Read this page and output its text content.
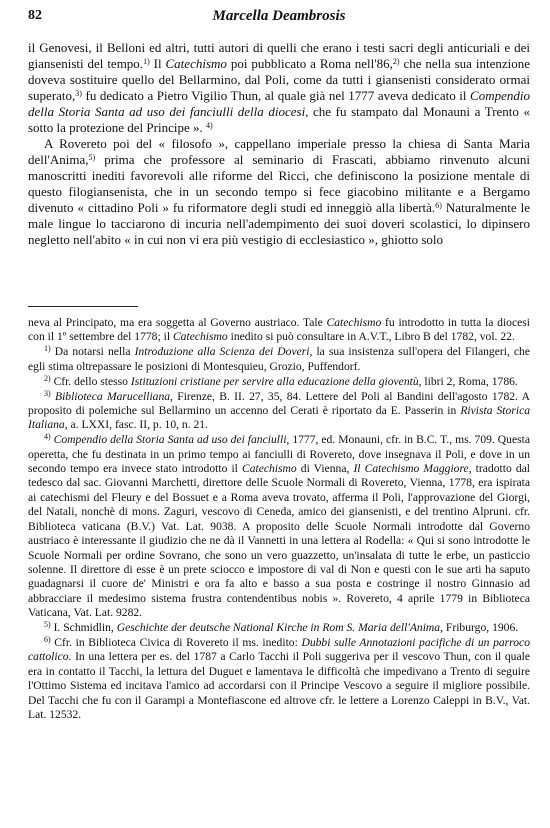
82	Marcella Deambrosis

il Genovesi, il Belloni ed altri, tutti autori di quelli che erano i testi sacri degli anticuriali e dei giansenisti del tempo.$^{1)}$ Il Catechismo poi pubblicato a Roma nell'86,$^{2)}$ che nella sua intenzione doveva sostituire quello del Bellarmino, dal Poli, come da tutti i giansenisti considerato ormai superato,$^{3)}$ fu dedicato a Pietro Vigilio Thun, al quale già nel 1777 aveva dedicato il Compendio della Storia Santa ad uso dei fanciulli della diocesi, che fu stampato dal Monauni a Trento « sotto la protezione del Principe ». $^{4)}$

A Rovereto poi del « filosofo », cappellano imperiale presso la chiesa di Santa Maria dell'Anima,$^{5)}$ prima che professore al seminario di Frascati, abbiamo rinvenuto alcuni manoscritti inediti favorevoli alle riforme del Ricci, che definiscono la posizione mentale di questo filogiansenista, che in un secondo tempo si fece giacobino militante e a Bergamo divenuto « cittadino Poli » fu riformatore degli studi ed inneggiò alla libertà.$^{6)}$ Naturalmente le male lingue lo tacciarono di incuria nell'adempimento dei suoi doveri scolastici, lo dipinsero negletto nell'abito « in cui non vi era più vestigio di ecclesiastico », ghiotto solo

neva al Principato, ma era soggetta al Governo austriaco. Tale Catechismo fu introdotto in tutta la diocesi con il 1º settembre del 1778; il Catechismo inedito si può consultare in A.V.T., Libro B del 1782, vol. 22.

$^{1)}$ Da notarsi nella Introduzione alla Scienza dei Doveri, la sua insistenza sull'opera del Filangeri, che egli stima oltrepassare le posizioni di Montesquieu, Grozio, Puffendorf.

$^{2)}$ Cfr. dello stesso Istituzioni cristiane per servire alla educazione della gioventù, libri 2, Roma, 1786.

$^{3)}$ Biblioteca Marucelliana, Firenze, B. II. 27, 35, 84. Lettere del Poli al Bandini dell'agosto 1782. A proposito di polemiche sul Bellarmino un accenno del Cerati è riportato da E. Passerin in Rivista Storica Italiana, a. LXXI, fasc. II, p. 10, n. 21.

$^{4)}$ Compendio della Storia Santa ad uso dei fanciulli, 1777, ed. Monauni, cfr. in B.C. T., ms. 709. Questa operetta, che fu destinata in un primo tempo ai fanciulli di Rovereto, dove insegnava il Poli, e dove in un secondo tempo era invece stato introdotto il Catechismo di Vienna, Il Catechismo Maggiore, tradotto dal tedesco dal sac. Giovanni Marchetti, direttore delle Scuole Normali di Rovereto, Vienna, 1778, era ispirata ai catechismi del Fleury e del Bossuet e a Roma aveva trovato, afferma il Poli, l'approvazione del Giorgi, del Natali, nonchè di mons. Zaguri, vescovo di Ceneda, amico dei giansenisti, e del trentino Alpruni. cfr. Biblioteca vaticana (B.V.) Vat. Lat. 9038. A proposito delle Scuole Normali introdotte dal Governo austriaco è interessante il giudizio che ne dà il Vannetti in una lettera al Rodella: « Qui si sono introdotte le Scuole Normali per ordine Sovrano, che sono un vero guazzetto, un'insalata di tutte le erbe, un pasticcio solenne. Il direttore di esse è un prete sciocco e impostore di val di Non e questi con le sue arti ha saputo guadagnarsi il cuore de' Ministri e ora fa alto e basso a sua posta e costringe il nostro Ginnasio ad abbracciare il medesimo sistema frustra contendentibus nobis ». Rovereto, 4 aprile 1779 in Biblioteca Vaticana, Vat. Lat. 9282.

$^{5)}$ I. Schmidlin, Geschichte der deutsche National Kirche in Rom S. Maria dell'Anima, Friburgo, 1906.

$^{6)}$ Cfr. in Biblioteca Civica di Rovereto il ms. inedito: Dubbi sulle Annotazioni pacifiche di un parroco cattolico. In una lettera per es. del 1787 a Carlo Tacchi il Poli suggeriva per il vescovo Thun, con il quale era in contatto il Tacchi, la lettura del Duguet e lamentava le difficoltà che impedivano a Trento di seguire l'Ottimo Sistema ed incitava l'amico ad accordarsi con il Principe Vescovo a seguire il migliore possibile. Del Tacchi che fu con il Garampi a Montefiascone ed altrove cfr. le lettere a Lorenzo Caleppi in B.V., Vat. Lat. 12532.
